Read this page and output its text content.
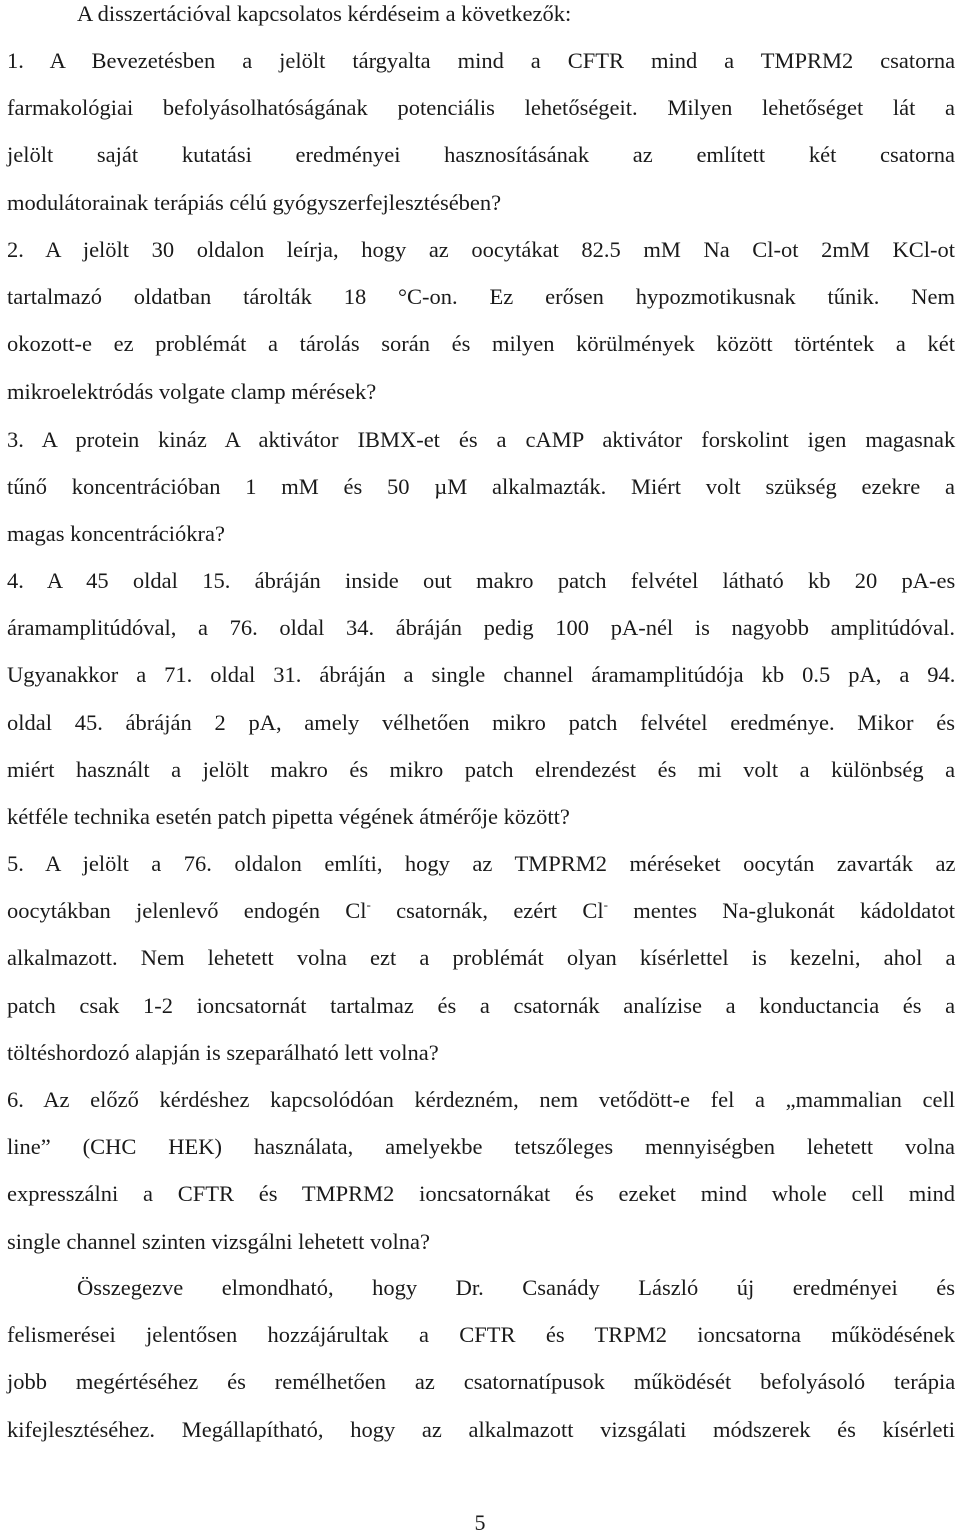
A disszertációval kapcsolatos kérdéseim a következők:
1. A Bevezetésben a jelölt tárgyalta mind a CFTR mind a TMPRM2 csatorna
farmakológiai befolyásolhatóságának potenciális lehetőségeit. Milyen lehetőséget lát a
jelölt saját kutatási eredményei hasznosításának az említett két csatorna
modulátorainak terápiás célú gyógyszerfejlesztésében?
2. A jelölt 30 oldalon leírja, hogy az oocytákat 82.5 mM Na Cl-ot 2mM KCl-ot
tartalmazó oldatban tárolták 18 °C-on. Ez erősen hypozmotikusnak tűnik. Nem
okozott-e ez problémát a tárolás során és milyen körülmények között történtek a két
mikroelektródás volgate clamp mérések?
3. A protein kináz A aktivátor IBMX-et és a cAMP aktivátor forskolint igen magasnak
tűnő koncentrációban 1 mM és 50 µM alkalmazták. Miért volt szükség ezekre a
magas koncentrációkra?
4. A 45 oldal 15. ábráján inside out makro patch felvétel látható kb 20 pA-es
áramamplitúdóval, a 76. oldal 34. ábráján pedig 100 pA-nél is nagyobb amplitúdóval.
Ugyanakkor a 71. oldal 31. ábráján a single channel áramamplitúdója kb 0.5 pA, a 94.
oldal 45. ábráján 2 pA, amely vélhetően mikro patch felvétel eredménye. Mikor és
miért használt a jelölt makro és mikro patch elrendezést és mi volt a különbség a
kétféle technika esetén patch pipetta végének átmérője között?
5. A jelölt a 76. oldalon említi, hogy az TMPRM2 méréseket oocytán zavarták az
oocytákban jelenlevő endogén Cl- csatornák, ezért Cl- mentes Na-glukonát kádoldatot
alkalmazott. Nem lehetett volna ezt a problémát olyan kísérlettel is kezelni, ahol a
patch csak 1-2 ioncsatornát tartalmaz és a csatornák analízise a konductancia és a
töltéshordozó alapján is szeparálható lett volna?
6. Az előző kérdéshez kapcsolódóan kérdezném, nem vetődött-e fel a „mammalian cell
line” (CHC HEK) használata, amelyekbe tetszőleges mennyiségben lehetett volna
expresszálni a CFTR és TMPRM2 ioncsatornákat és ezeket mind whole cell mind
single channel szinten vizsgálni lehetett volna?
Összegezve elmondható, hogy Dr. Csanády László új eredményei és
felismerései jelentősen hozzájárultak a CFTR és TRPM2 ioncsatorna működésének
jobb megértéséhez és remélhetően az csatornatípusok működését befolyásoló terápia
kifejlesztéséhez. Megállapítható, hogy az alkalmazott vizsgálati módszerek és kísérleti
5
